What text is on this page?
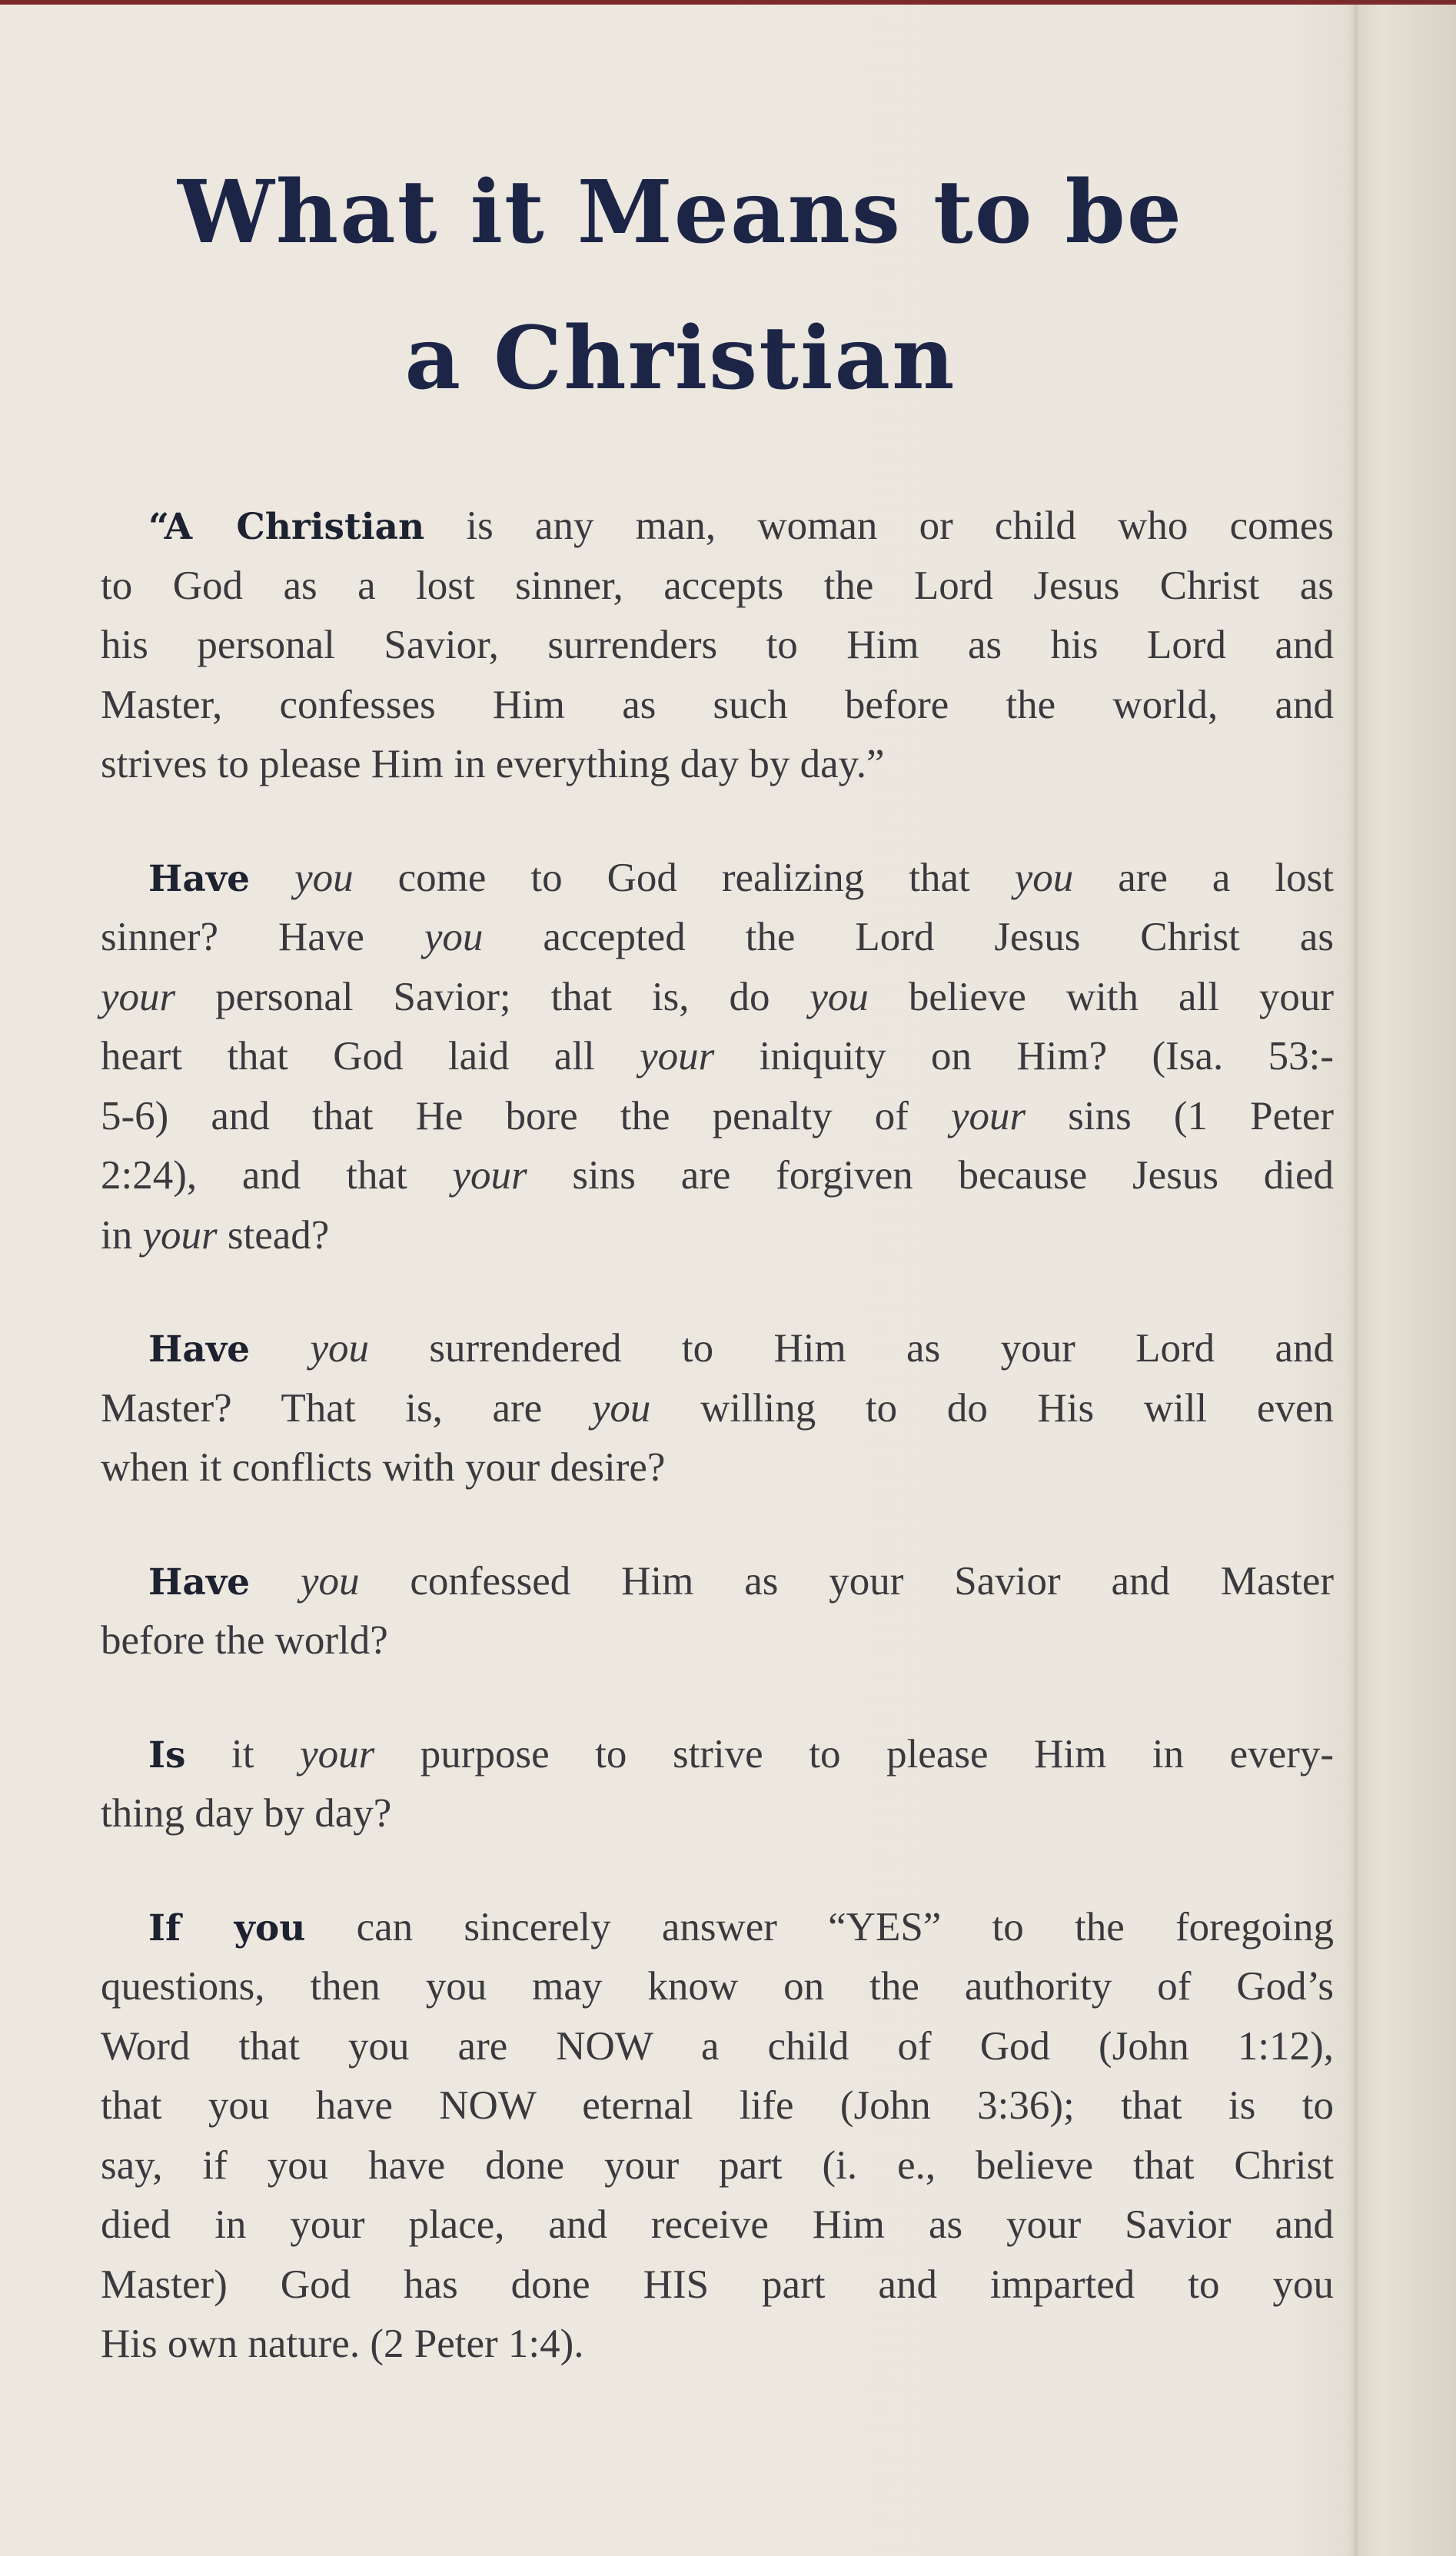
What it Means to be
a Christian
“A Christian is any man, woman or child who comes
to God as a lost sinner, accepts the Lord Jesus Christ as
his personal Savior, surrenders to Him as his Lord and
Master, confesses Him as such before the world, and
strives to please Him in everything day by day.”
Have you come to God realizing that you are a lost
sinner? Have you accepted the Lord Jesus Christ as
your personal Savior; that is, do you believe with all your
heart that God laid all your iniquity on Him? (Isa. 53:-
5-6) and that He bore the penalty of your sins (1 Peter
2:24), and that your sins are forgiven because Jesus died
in your stead?
Have you surrendered to Him as your Lord and
Master? That is, are you willing to do His will even
when it conflicts with your desire?
Have you confessed Him as your Savior and Master
before the world?
Is it your purpose to strive to please Him in every-
thing day by day?
If you can sincerely answer “YES” to the foregoing
questions, then you may know on the authority of God’s
Word that you are NOW a child of God (John 1:12),
that you have NOW eternal life (John 3:36); that is to
say, if you have done your part (i. e., believe that Christ
died in your place, and receive Him as your Savior and
Master) God has done HIS part and imparted to you
His own nature. (2 Peter 1:4).
